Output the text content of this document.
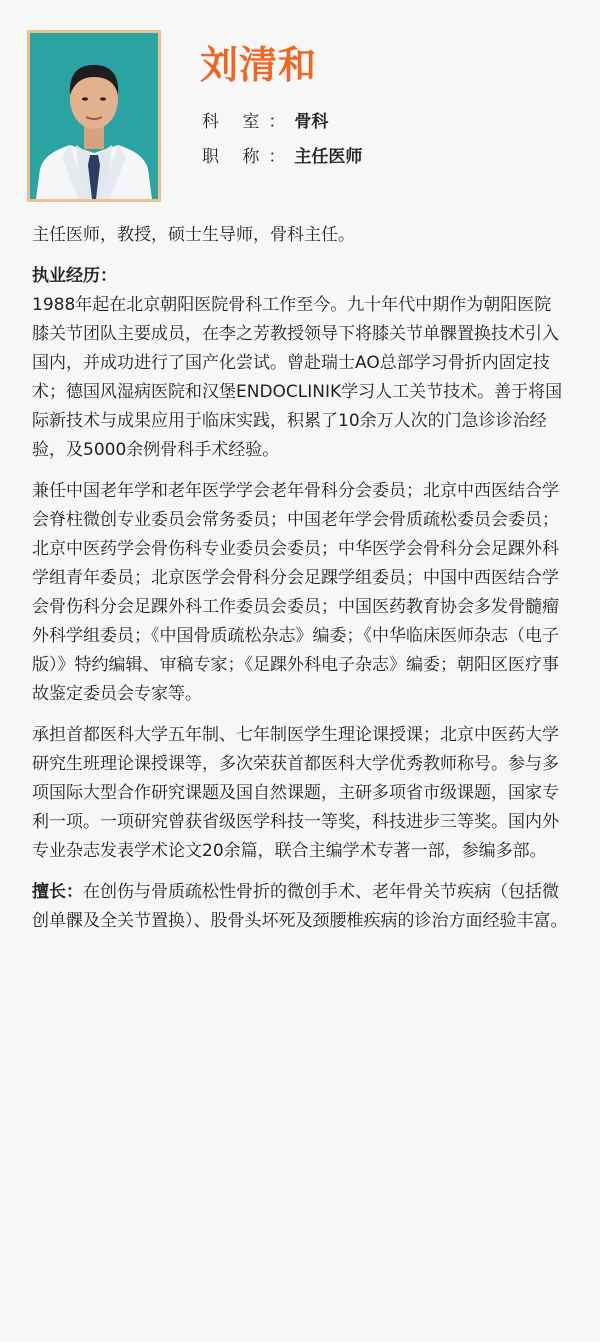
刘清和
科 室：骨科
职 称：主任医师

主任医师，教授，硕士生导师，骨科主任。

执业经历：

1988年起在北京朝阳医院骨科工作至今。九十年代中期作为朝阳医院膝关节团队主要成员，在李之芳教授领导下将膝关节单髁置换技术引入国内，并成功进行了国产化尝试。曾赴瑞士AO总部学习骨折内固定技术；德国风湿病医院和汉堡ENDOCLINIK学习人工关节技术。善于将国际新技术与成果应用于临床实践，积累了10余万人次的门急诊诊治经验，及5000余例骨科手术经验。

兼任中国老年学和老年医学学会老年骨科分会委员；北京中西医结合学会脊柱微创专业委员会常务委员；中国老年学会骨质疏松委员会委员；北京中医药学会骨伤科专业委员会委员；中华医学会骨科分会足踝外科学组青年委员；北京医学会骨科分会足踝学组委员；中国中西医结合学会骨伤科分会足踝外科工作委员会委员；中国医药教育协会多发骨髓瘤外科学组委员；《中国骨质疏松杂志》编委；《中华临床医师杂志（电子版）》特约编辑、审稿专家；《足踝外科电子杂志》编委；朝阳区医疗事故鉴定委员会专家等。

承担首都医科大学五年制、七年制医学生理论课授课；北京中医药大学研究生班理论课授课等，多次荣获首都医科大学优秀教师称号。参与多项国际大型合作研究课题及国自然课题，主研多项省市级课题，国家专利一项。一项研究曾获省级医学科技一等奖，科技进步三等奖。国内外专业杂志发表学术论文20余篇，联合主编学术专著一部，参编多部。

擅长：在创伤与骨质疏松性骨折的微创手术、老年骨关节疾病（包括微创单髁及全关节置换）、股骨头坏死及颈腰椎疾病的诊治方面经验丰富。
